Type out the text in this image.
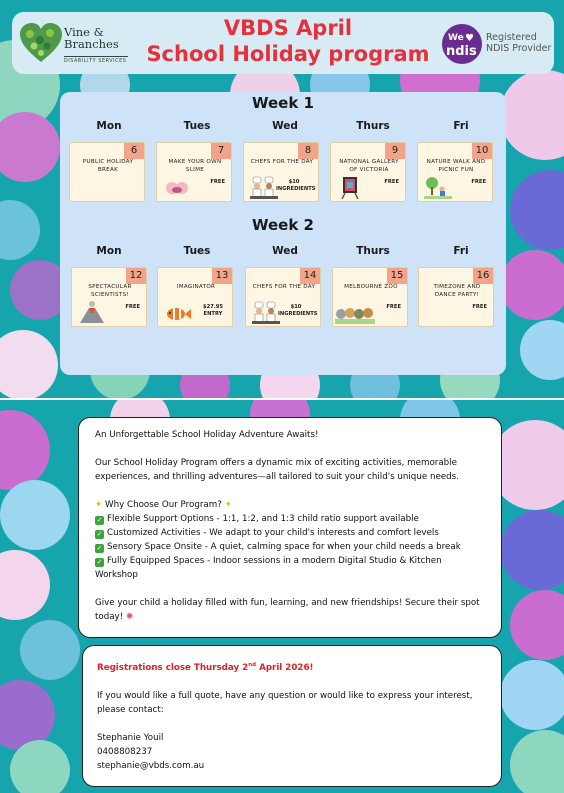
Vine &
Branches
DISABILITY SERVICES
VBDS April
School Holiday program
We ♥
ndis
Registered
NDIS Provider
Week 1
Mon	Tues	Wed	Thurs	Fri
6
PUBLIC HOLIDAY BREAK
7
MAKE YOUR OWN SLIME
FREE
8
CHEFS FOR THE DAY
$10 INGREDIENTS
9
NATIONAL GALLERY OF VICTORIA
FREE
10
NATURE WALK AND PICNIC FUN
FREE
Week 2
Mon	Tues	Wed	Thurs	Fri
12
SPECTACULAR SCIENTISTS!
FREE
13
IMAGINATOR
$27.95 ENTRY
14
CHEFS FOR THE DAY
$10 INGREDIENTS
15
MELBOURNE ZOO
FREE
16
TIMEZONE AND DANCE PARTY!
FREE
An Unforgettable School Holiday Adventure Awaits!
Our School Holiday Program offers a dynamic mix of exciting activities, memorable experiences, and thrilling adventures—all tailored to suit your child's unique needs.
✦ Why Choose Our Program? ✦
✓ Flexible Support Options - 1:1, 1:2, and 1:3 child ratio support available
✓ Customized Activities - We adapt to your child's interests and comfort levels
✓ Sensory Space Onsite - A quiet, calming space for when your child needs a break
✓ Fully Equipped Spaces - Indoor sessions in a modern Digital Studio & Kitchen Workshop
Give your child a holiday filled with fun, learning, and new friendships! Secure their spot today! ✺
Registrations close Thursday 2nd April 2026!
If you would like a full quote, have any question or would like to express your interest, please contact:
Stephanie Youil
0408808237
stephanie@vbds.com.au
